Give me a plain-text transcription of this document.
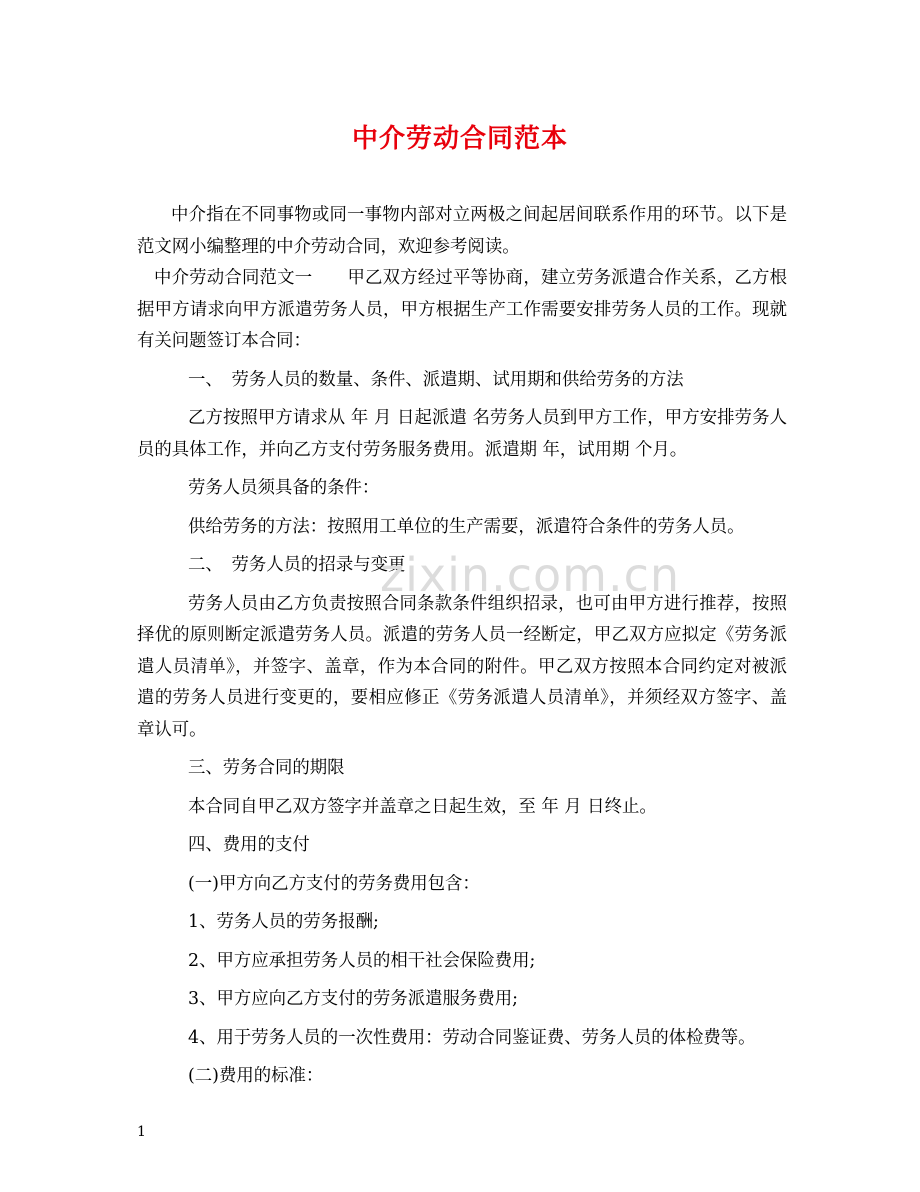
中介劳动合同范本

中介指在不同事物或同一事物内部对立两极之间起居间联系作用的环节。以下是范文网小编整理的中介劳动合同，欢迎参考阅读。

中介劳动合同范文一　　甲乙双方经过平等协商，建立劳务派遣合作关系，乙方根据甲方请求向甲方派遣劳务人员，甲方根据生产工作需要安排劳务人员的工作。现就有关问题签订本合同：

一、　劳务人员的数量、条件、派遣期、试用期和供给劳务的方法

乙方按照甲方请求从 年 月 日起派遣 名劳务人员到甲方工作，甲方安排劳务人员的具体工作，并向乙方支付劳务服务费用。派遣期 年，试用期 个月。

劳务人员须具备的条件：

供给劳务的方法：按照用工单位的生产需要，派遣符合条件的劳务人员。

二、　劳务人员的招录与变更

劳务人员由乙方负责按照合同条款条件组织招录，也可由甲方进行推荐，按照择优的原则断定派遣劳务人员。派遣的劳务人员一经断定，甲乙双方应拟定《劳务派遣人员清单》，并签字、盖章，作为本合同的附件。甲乙双方按照本合同约定对被派遣的劳务人员进行变更的，要相应修正《劳务派遣人员清单》，并须经双方签字、盖章认可。

三、劳务合同的期限

本合同自甲乙双方签字并盖章之日起生效，至 年 月 日终止。

四、费用的支付

(一)甲方向乙方支付的劳务费用包含：

1、劳务人员的劳务报酬;

2、甲方应承担劳务人员的相干社会保险费用;

3、甲方应向乙方支付的劳务派遣服务费用;

4、用于劳务人员的一次性费用：劳动合同鉴证费、劳务人员的体检费等。

(二)费用的标准：

zixin.com.cn
1
